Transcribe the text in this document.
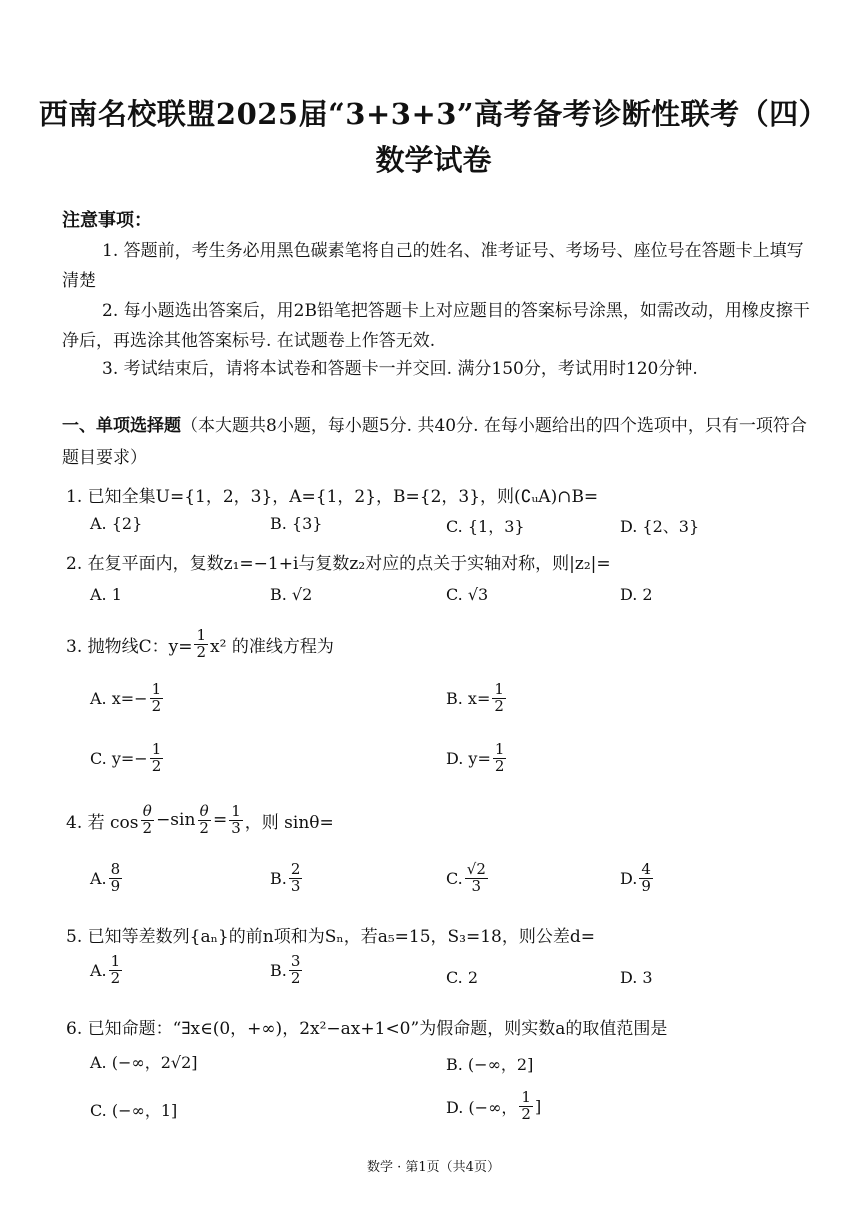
西南名校联盟2025届“3+3+3”高考备考诊断性联考（四）
数学试卷
注意事项：
1. 答题前，考生务必用黑色碳素笔将自己的姓名、准考证号、考场号、座位号在答题卡上填写清楚
2. 每小题选出答案后，用2B铅笔把答题卡上对应题目的答案标号涂黑，如需改动，用橡皮擦干净后，再选涂其他答案标号. 在试题卷上作答无效.
3. 考试结束后，请将本试卷和答题卡一并交回. 满分150分，考试用时120分钟.
一、单项选择题（本大题共8小题，每小题5分. 共40分. 在每小题给出的四个选项中，只有一项符合题目要求）
1. 已知全集U={1，2，3}，A={1，2}，B={2，3}，则(∁ᵤA)∩B=
A. {2}	B. {3}	C. {1，3}	D. {2、3}
2. 在复平面内，复数z₁=−1+i与复数z₂对应的点关于实轴对称，则|z₂|=
A. 1	B. √2	C. √3	D. 2
3. 抛物线C：$y= \frac{1}{2} x^2$ 的准线方程为
A. $x=- \frac{1}{2}$	B. $x= \frac{1}{2}$
C. $y=- \frac{1}{2}$	D. $y= \frac{1}{2}$
4. 若 $\cos \frac{\theta}{2} -\sin \frac{\theta}{2} = \frac{1}{3}$ ，则 sinθ=
A. $\frac{8}{9}$	B. $\frac{2}{3}$	C. $\frac{√2}{3}$	D. $\frac{4}{9}$
5. 已知等差数列{aₙ}的前n项和为Sₙ，若a₅=15，S₃=18，则公差d=
A. $\frac{1}{2}$	B. $\frac{3}{2}$	C. 2	D. 3
6. 已知命题：“∃x∈(0，+∞)，2x²−ax+1<0”为假命题，则实数a的取值范围是
A. (−∞，2√2]	B. (−∞，2]
C. (−∞，1]	D. (−∞， $\frac{1}{2}$ ]
数学 · 第1页（共4页）
